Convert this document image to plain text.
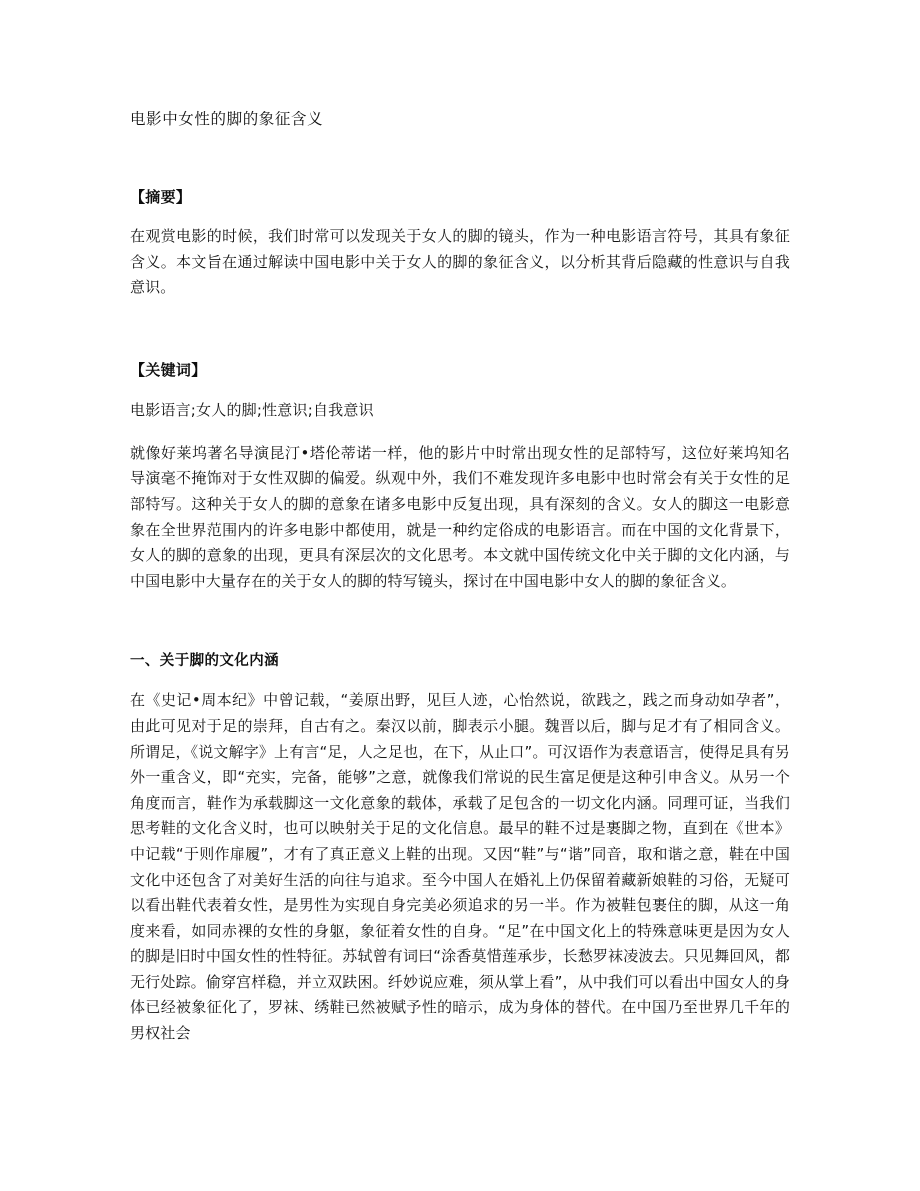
电影中女性的脚的象征含义
【摘要】

在观赏电影的时候，我们时常可以发现关于女人的脚的镜头，作为一种电影语言符号，其具有象征含义。本文旨在通过解读中国电影中关于女人的脚的象征含义，以分析其背后隐藏的性意识与自我意识。

【关键词】

电影语言;女人的脚;性意识;自我意识

就像好莱坞著名导演昆汀•塔伦蒂诺一样，他的影片中时常出现女性的足部特写，这位好莱坞知名导演毫不掩饰对于女性双脚的偏爱。纵观中外，我们不难发现许多电影中也时常会有关于女性的足部特写。这种关于女人的脚的意象在诸多电影中反复出现，具有深刻的含义。女人的脚这一电影意象在全世界范围内的许多电影中都使用，就是一种约定俗成的电影语言。而在中国的文化背景下，女人的脚的意象的出现，更具有深层次的文化思考。本文就中国传统文化中关于脚的文化内涵，与中国电影中大量存在的关于女人的脚的特写镜头，探讨在中国电影中女人的脚的象征含义。

一、关于脚的文化内涵

在《史记•周本纪》中曾记载，“姜原出野，见巨人迹，心怡然说，欲践之，践之而身动如孕者”，由此可见对于足的崇拜，自古有之。秦汉以前，脚表示小腿。魏晋以后，脚与足才有了相同含义。所谓足，《说文解字》上有言“足，人之足也，在下，从止口”。可汉语作为表意语言，使得足具有另外一重含义，即“充实，完备，能够”之意，就像我们常说的民生富足便是这种引申含义。从另一个角度而言，鞋作为承载脚这一文化意象的载体，承载了足包含的一切文化内涵。同理可证，当我们思考鞋的文化含义时，也可以映射关于足的文化信息。最早的鞋不过是裹脚之物，直到在《世本》中记载“于则作扉履”，才有了真正意义上鞋的出现。又因“鞋”与“谐”同音，取和谐之意，鞋在中国文化中还包含了对美好生活的向往与追求。至今中国人在婚礼上仍保留着藏新娘鞋的习俗，无疑可以看出鞋代表着女性，是男性为实现自身完美必须追求的另一半。作为被鞋包裹住的脚，从这一角度来看，如同赤裸的女性的身躯，象征着女性的自身。“足”在中国文化上的特殊意味更是因为女人的脚是旧时中国女性的性特征。苏轼曾有词曰“涂香莫惜莲承步，长愁罗袜凌波去。只见舞回风，都无行处踪。偷穿宫样稳，并立双趺困。纤妙说应难，须从掌上看”，从中我们可以看出中国女人的身体已经被象征化了，罗袜、绣鞋已然被赋予性的暗示，成为身体的替代。在中国乃至世界几千年的男权社会
